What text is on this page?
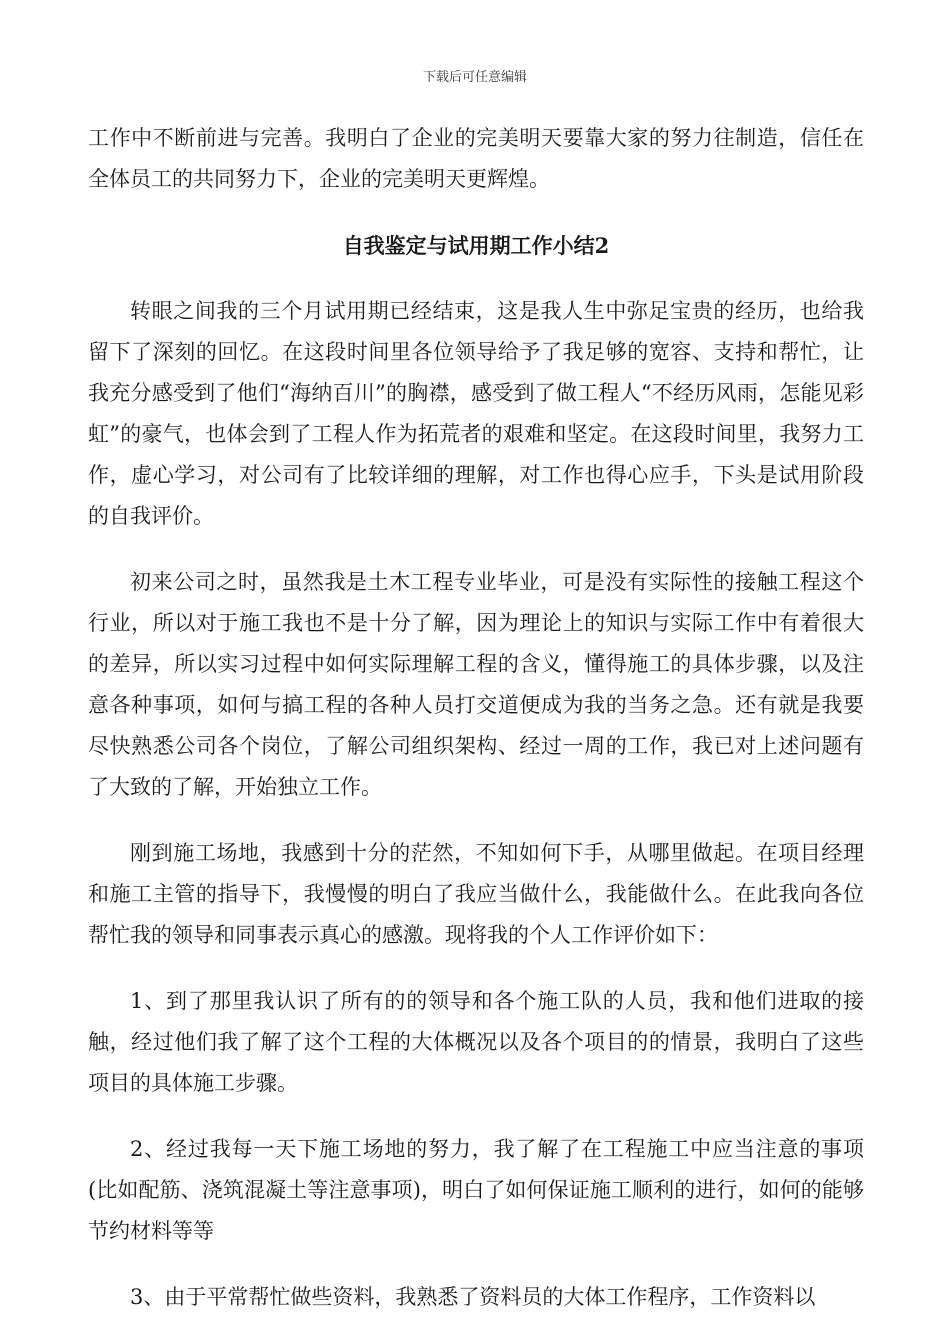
下载后可任意编辑

工作中不断前进与完善。我明白了企业的完美明天要靠大家的努力往制造，信任在全体员工的共同努力下，企业的完美明天更辉煌。

自我鉴定与试用期工作小结2

转眼之间我的三个月试用期已经结束，这是我人生中弥足宝贵的经历，也给我留下了深刻的回忆。在这段时间里各位领导给予了我足够的宽容、支持和帮忙，让我充分感受到了他们“海纳百川”的胸襟，感受到了做工程人“不经历风雨，怎能见彩虹”的豪气，也体会到了工程人作为拓荒者的艰难和坚定。在这段时间里，我努力工作，虚心学习，对公司有了比较详细的理解，对工作也得心应手，下头是试用阶段的自我评价。

初来公司之时，虽然我是土木工程专业毕业，可是没有实际性的接触工程这个行业，所以对于施工我也不是十分了解，因为理论上的知识与实际工作中有着很大的差异，所以实习过程中如何实际理解工程的含义，懂得施工的具体步骤，以及注意各种事项，如何与搞工程的各种人员打交道便成为我的当务之急。还有就是我要尽快熟悉公司各个岗位，了解公司组织架构、经过一周的工作，我已对上述问题有了大致的了解，开始独立工作。

刚到施工场地，我感到十分的茫然，不知如何下手，从哪里做起。在项目经理和施工主管的指导下，我慢慢的明白了我应当做什么，我能做什么。在此我向各位帮忙我的领导和同事表示真心的感激。现将我的个人工作评价如下：

1、到了那里我认识了所有的的领导和各个施工队的人员，我和他们进取的接触，经过他们我了解了这个工程的大体概况以及各个项目的的情景，我明白了这些项目的具体施工步骤。

2、经过我每一天下施工场地的努力，我了解了在工程施工中应当注意的事项(比如配筋、浇筑混凝土等注意事项)，明白了如何保证施工顺利的进行，如何的能够节约材料等等

3、由于平常帮忙做些资料，我熟悉了资料员的大体工作程序，工作资料以
